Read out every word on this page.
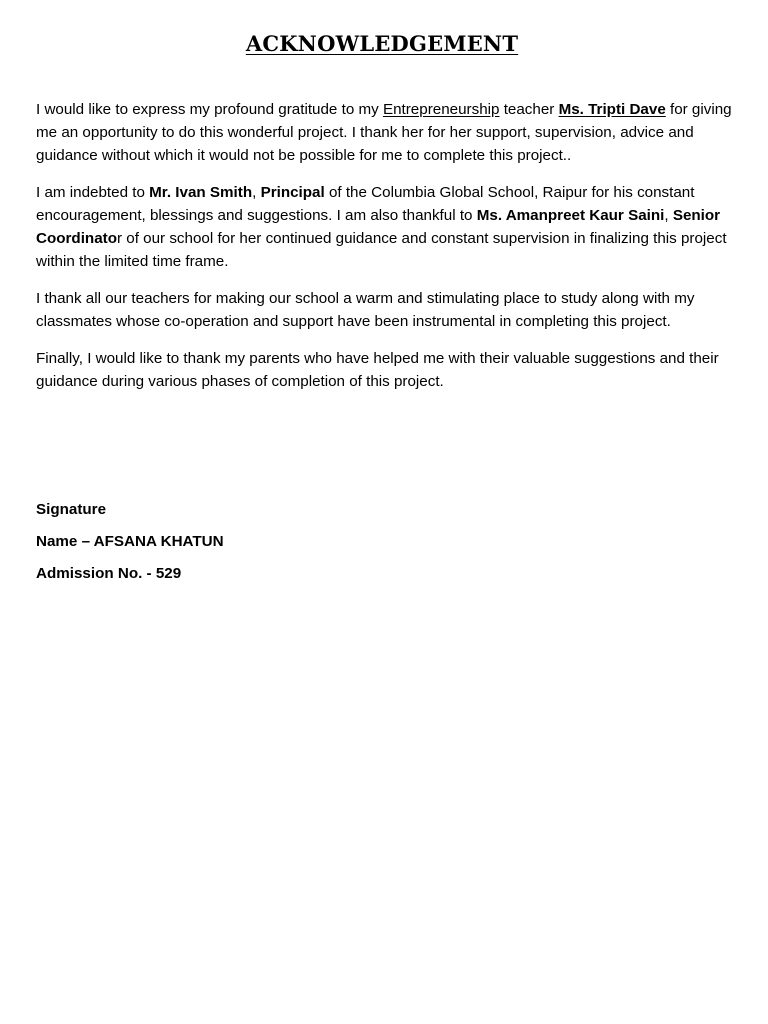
ACKNOWLEDGEMENT

I would like to express my profound gratitude to my Entrepreneurship teacher Ms. Tripti Dave for giving me an opportunity to do this wonderful project. I thank her for her support, supervision, advice and guidance without which it would not be possible for me to complete this project..

I am indebted to Mr. Ivan Smith, Principal of the Columbia Global School, Raipur for his constant encouragement, blessings and suggestions. I am also thankful to Ms. Amanpreet Kaur Saini, Senior Coordinator of our school for her continued guidance and constant supervision in finalizing this project within the limited time frame.

I thank all our teachers for making our school a warm and stimulating place to study along with my classmates whose co-operation and support have been instrumental in completing this project.

Finally, I would like to thank my parents who have helped me with their valuable suggestions and their guidance during various phases of completion of this project.

Signature

Name – AFSANA KHATUN

Admission No. - 529
